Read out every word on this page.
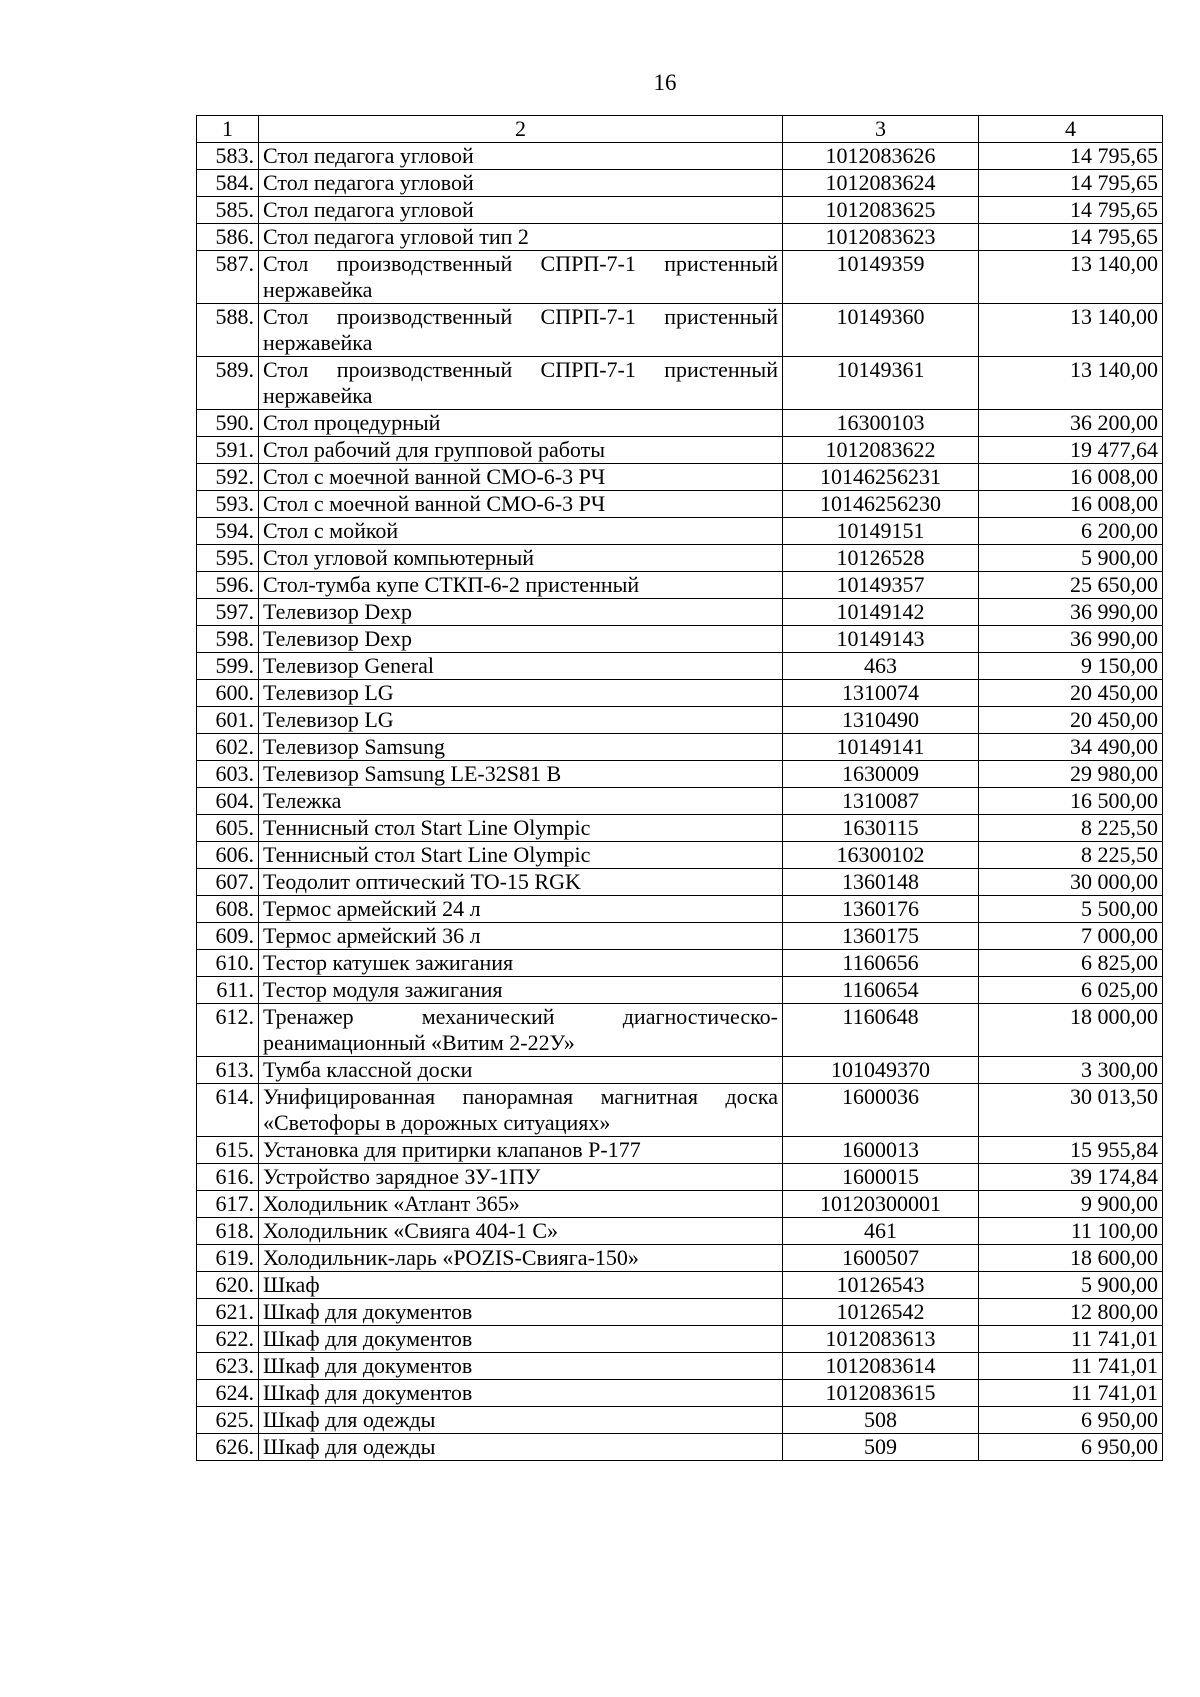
16
1	2	3	4
583.	Стол педагога угловой	1012083626	14 795,65
584.	Стол педагога угловой	1012083624	14 795,65
585.	Стол педагога угловой	1012083625	14 795,65
586.	Стол педагога угловой тип 2	1012083623	14 795,65
587.	Стол производственный СПРП-7-1 пристенный нержавейка	10149359	13 140,00
588.	Стол производственный СПРП-7-1 пристенный нержавейка	10149360	13 140,00
589.	Стол производственный СПРП-7-1 пристенный нержавейка	10149361	13 140,00
590.	Стол процедурный	16300103	36 200,00
591.	Стол рабочий для групповой работы	1012083622	19 477,64
592.	Стол с моечной ванной СМО-6-3 РЧ	10146256231	16 008,00
593.	Стол с моечной ванной СМО-6-3 РЧ	10146256230	16 008,00
594.	Стол с мойкой	10149151	6 200,00
595.	Стол угловой компьютерный	10126528	5 900,00
596.	Стол-тумба купе СТКП-6-2 пристенный	10149357	25 650,00
597.	Телевизор Dexp	10149142	36 990,00
598.	Телевизор Dexp	10149143	36 990,00
599.	Телевизор General	463	9 150,00
600.	Телевизор LG	1310074	20 450,00
601.	Телевизор LG	1310490	20 450,00
602.	Телевизор Samsung	10149141	34 490,00
603.	Телевизор Samsung LE-32S81 B	1630009	29 980,00
604.	Тележка	1310087	16 500,00
605.	Теннисный стол Start Line Olympic	1630115	8 225,50
606.	Теннисный стол Start Line Olympic	16300102	8 225,50
607.	Теодолит оптический ТО-15 RGK	1360148	30 000,00
608.	Термос армейский 24 л	1360176	5 500,00
609.	Термос армейский 36 л	1360175	7 000,00
610.	Тестор катушек зажигания	1160656	6 825,00
611.	Тестор модуля зажигания	1160654	6 025,00
612.	Тренажер механический диагностическо-реанимационный «Витим 2-22У»	1160648	18 000,00
613.	Тумба классной доски	101049370	3 300,00
614.	Унифицированная панорамная магнитная доска «Светофоры в дорожных ситуациях»	1600036	30 013,50
615.	Установка для притирки клапанов Р-177	1600013	15 955,84
616.	Устройство зарядное ЗУ-1ПУ	1600015	39 174,84
617.	Холодильник «Атлант 365»	10120300001	9 900,00
618.	Холодильник «Свияга 404-1 С»	461	11 100,00
619.	Холодильник-ларь «POZIS-Свияга-150»	1600507	18 600,00
620.	Шкаф	10126543	5 900,00
621.	Шкаф для документов	10126542	12 800,00
622.	Шкаф для документов	1012083613	11 741,01
623.	Шкаф для документов	1012083614	11 741,01
624.	Шкаф для документов	1012083615	11 741,01
625.	Шкаф для одежды	508	6 950,00
626.	Шкаф для одежды	509	6 950,00
